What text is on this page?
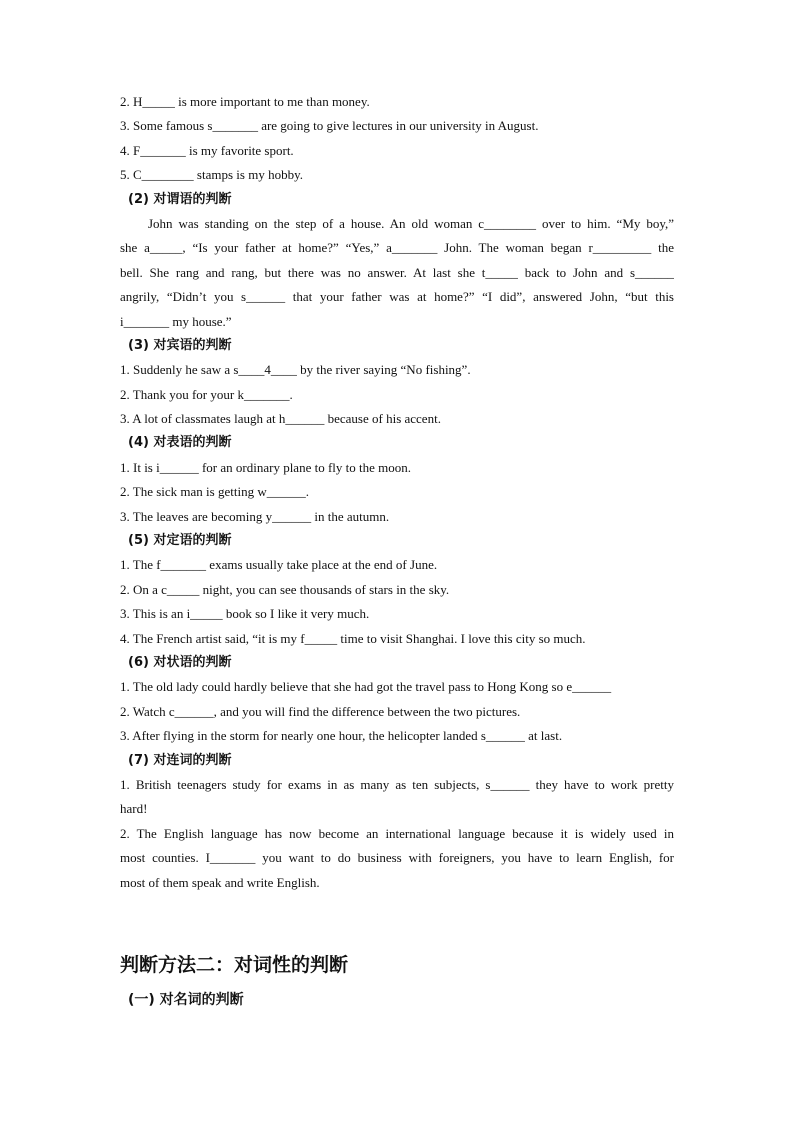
2. H_____ is more important to me than money.
3. Some famous s_______ are going to give lectures in our university in August.
4. F_______ is my favorite sport.
5. C________ stamps is my hobby.
(2) 对谓语的判断
John was standing on the step of a house. An old woman c________ over to him. “My boy,”
she a_____, “Is your father at home?” “Yes,” a_______ John. The woman began r_________ the
bell. She rang and rang, but there was no answer. At last she t_____ back to John and s______
angrily, “Didn’t you s______ that your father was at home?” “I did”, answered John, “but this
i_______ my house.”
(3) 对宾语的判断
1. Suddenly he saw a s____4____ by the river saying “No fishing”.
2. Thank you for your k_______.
3. A lot of classmates laugh at h______ because of his accent.
(4) 对表语的判断
1. It is i______ for an ordinary plane to fly to the moon.
2. The sick man is getting w______.
3. The leaves are becoming y______ in the autumn.
(5) 对定语的判断
1. The f_______ exams usually take place at the end of June.
2. On a c_____ night, you can see thousands of stars in the sky.
3. This is an i_____ book so I like it very much.
4. The French artist said, “it is my f_____ time to visit Shanghai. I love this city so much.
(6) 对状语的判断
1. The old lady could hardly believe that she had got the travel pass to Hong Kong so e______
2. Watch c______, and you will find the difference between the two pictures.
3. After flying in the storm for nearly one hour, the helicopter landed s______ at last.
(7) 对连词的判断
1. British teenagers study for exams in as many as ten subjects, s______ they have to work pretty
hard!
2. The English language has now become an international language because it is widely used in
most counties. I_______ you want to do business with foreigners, you have to learn English, for
most of them speak and write English.
判断方法二：对词性的判断
(一) 对名词的判断
